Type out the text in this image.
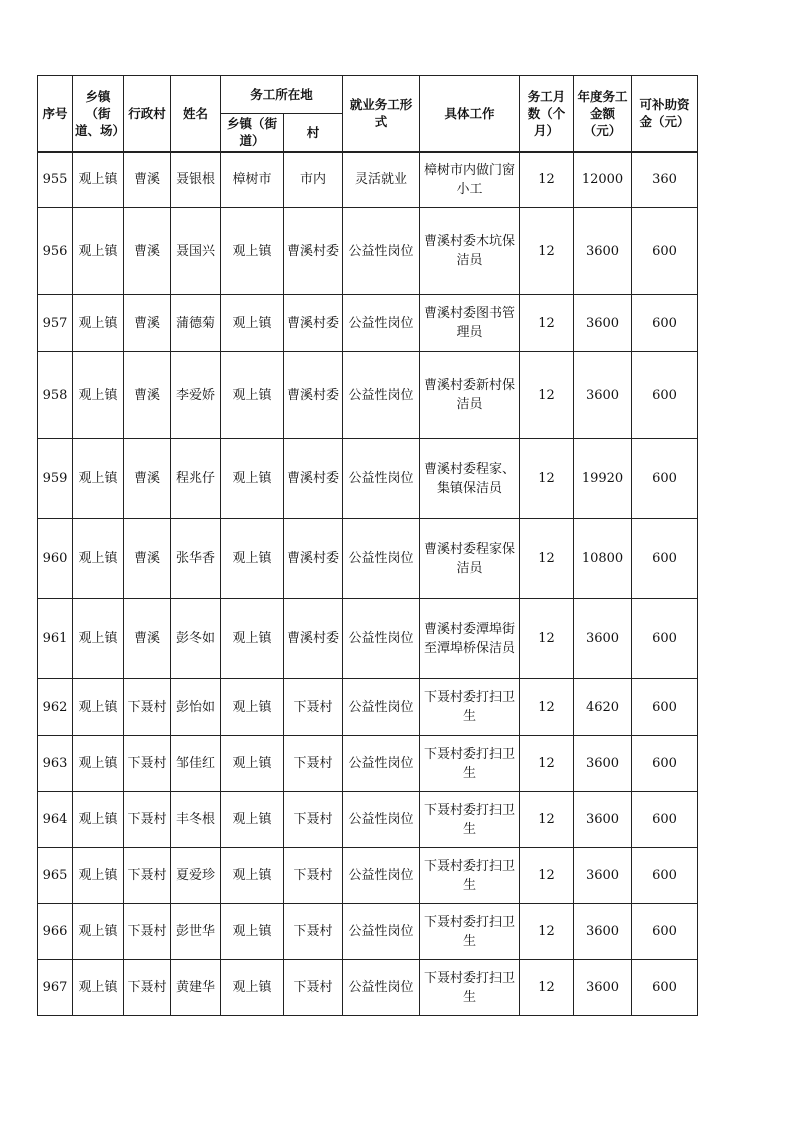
序号	乡镇（街道、场）	行政村	姓名	务工所在地		就业务工形式	具体工作	务工月数（个月）	年度务工金额（元）	可补助资金（元）
				乡镇（街道）	村					
955	观上镇	曹溪	聂银根	樟树市	市内	灵活就业	樟树市内做门窗小工	12	12000	360
956	观上镇	曹溪	聂国兴	观上镇	曹溪村委	公益性岗位	曹溪村委木坑保洁员	12	3600	600
957	观上镇	曹溪	蒲德菊	观上镇	曹溪村委	公益性岗位	曹溪村委图书管理员	12	3600	600
958	观上镇	曹溪	李爱娇	观上镇	曹溪村委	公益性岗位	曹溪村委新村保洁员	12	3600	600
959	观上镇	曹溪	程兆仔	观上镇	曹溪村委	公益性岗位	曹溪村委程家、集镇保洁员	12	19920	600
960	观上镇	曹溪	张华香	观上镇	曹溪村委	公益性岗位	曹溪村委程家保洁员	12	10800	600
961	观上镇	曹溪	彭冬如	观上镇	曹溪村委	公益性岗位	曹溪村委潭埠街至潭埠桥保洁员	12	3600	600
962	观上镇	下聂村	彭怡如	观上镇	下聂村	公益性岗位	下聂村委打扫卫生	12	4620	600
963	观上镇	下聂村	邹佳红	观上镇	下聂村	公益性岗位	下聂村委打扫卫生	12	3600	600
964	观上镇	下聂村	丰冬根	观上镇	下聂村	公益性岗位	下聂村委打扫卫生	12	3600	600
965	观上镇	下聂村	夏爱珍	观上镇	下聂村	公益性岗位	下聂村委打扫卫生	12	3600	600
966	观上镇	下聂村	彭世华	观上镇	下聂村	公益性岗位	下聂村委打扫卫生	12	3600	600
967	观上镇	下聂村	黄建华	观上镇	下聂村	公益性岗位	下聂村委打扫卫生	12	3600	600
